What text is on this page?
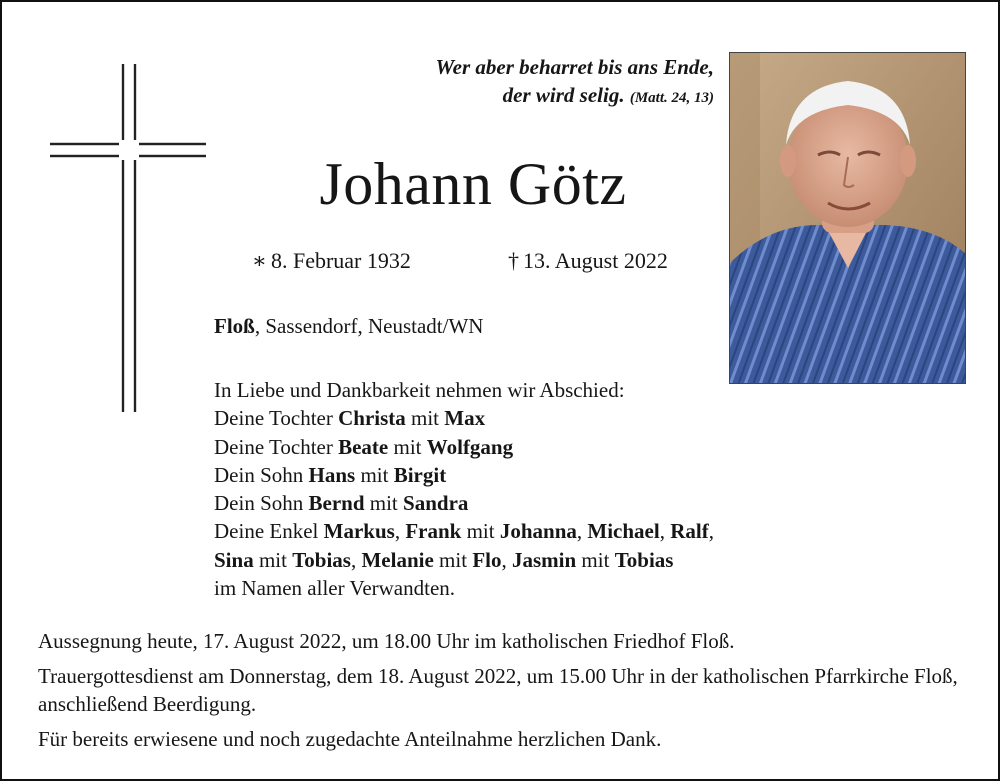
Wer aber beharret bis ans Ende,
der wird selig. (Matt. 24, 13)
Johann Götz
∗ 8. Februar 1932	† 13. August 2022
Floß, Sassendorf, Neustadt/WN
In Liebe und Dankbarkeit nehmen wir Abschied:
Deine Tochter Christa mit Max
Deine Tochter Beate mit Wolfgang
Dein Sohn Hans mit Birgit
Dein Sohn Bernd mit Sandra
Deine Enkel Markus, Frank mit Johanna, Michael, Ralf,
Sina mit Tobias, Melanie mit Flo, Jasmin mit Tobias
im Namen aller Verwandten.

Aussegnung heute, 17. August 2022, um 18.00 Uhr im katholischen Friedhof Floß.

Trauergottesdienst am Donnerstag, dem 18. August 2022, um 15.00 Uhr in der katholischen Pfarrkirche Floß, anschließend Beerdigung.

Für bereits erwiesene und noch zugedachte Anteilnahme herzlichen Dank.
